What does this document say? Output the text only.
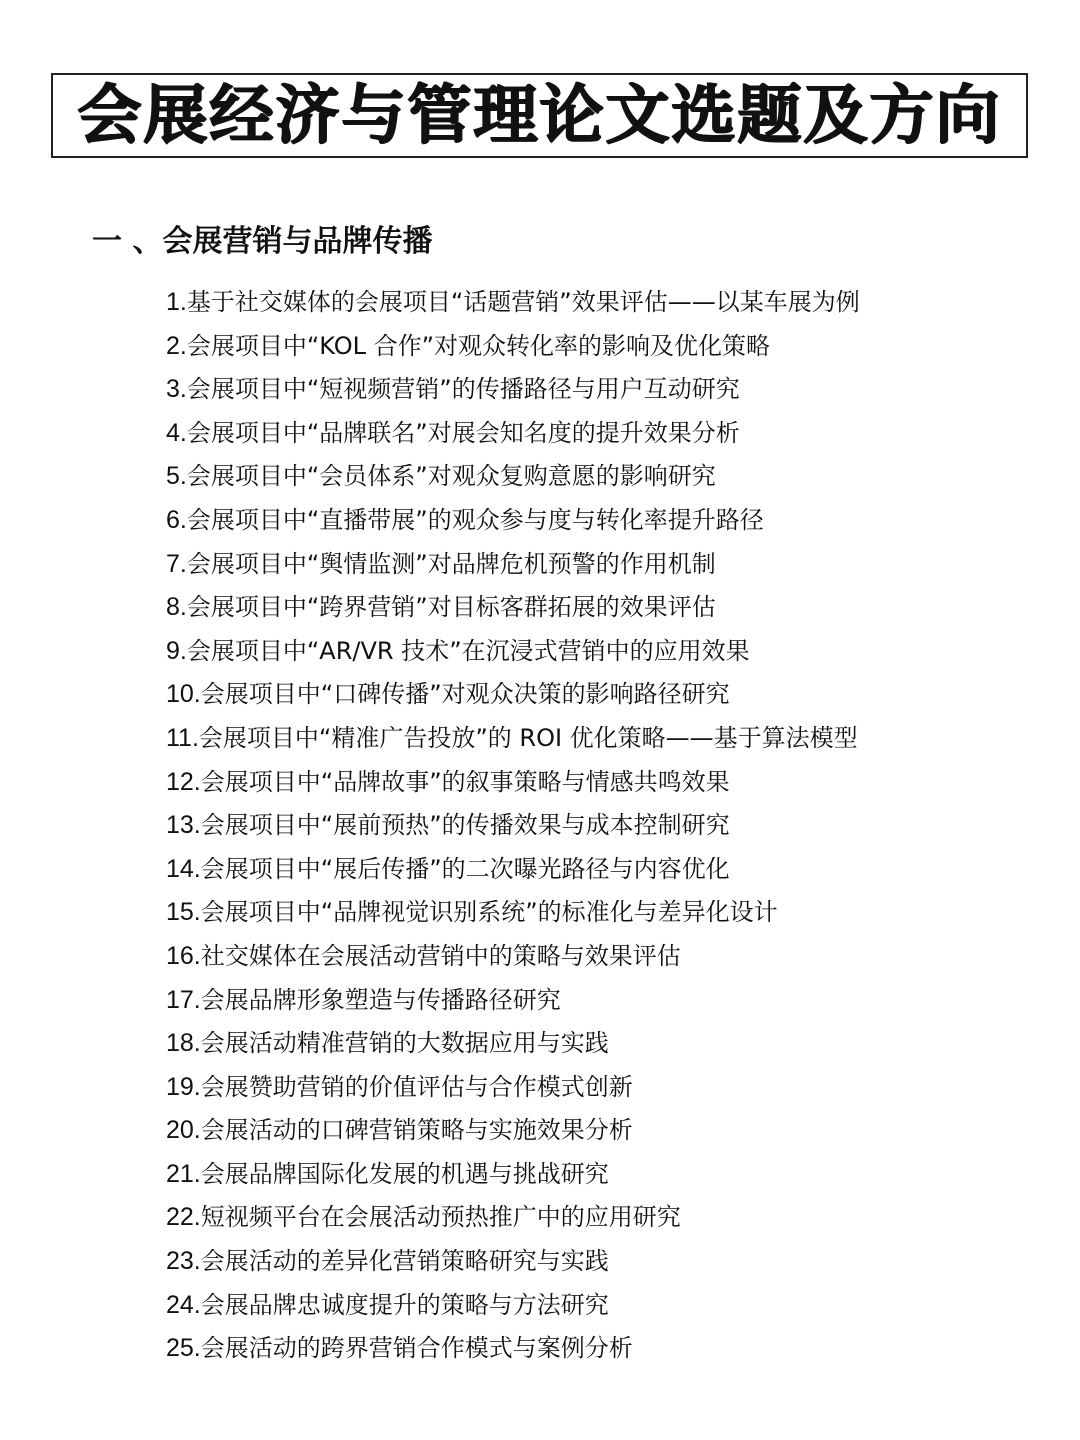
会展经济与管理论文选题及方向
一 、会展营销与品牌传播
1.基于社交媒体的会展项目“话题营销”效果评估——以某车展为例
2.会展项目中“KOL 合作”对观众转化率的影响及优化策略
3.会展项目中“短视频营销”的传播路径与用户互动研究
4.会展项目中“品牌联名”对展会知名度的提升效果分析
5.会展项目中“会员体系”对观众复购意愿的影响研究
6.会展项目中“直播带展”的观众参与度与转化率提升路径
7.会展项目中“舆情监测”对品牌危机预警的作用机制
8.会展项目中“跨界营销”对目标客群拓展的效果评估
9.会展项目中“AR/VR 技术”在沉浸式营销中的应用效果
10.会展项目中“口碑传播”对观众决策的影响路径研究
11.会展项目中“精准广告投放”的 ROI 优化策略——基于算法模型
12.会展项目中“品牌故事”的叙事策略与情感共鸣效果
13.会展项目中“展前预热”的传播效果与成本控制研究
14.会展项目中“展后传播”的二次曝光路径与内容优化
15.会展项目中“品牌视觉识别系统”的标准化与差异化设计
16.社交媒体在会展活动营销中的策略与效果评估
17.会展品牌形象塑造与传播路径研究
18.会展活动精准营销的大数据应用与实践
19.会展赞助营销的价值评估与合作模式创新
20.会展活动的口碑营销策略与实施效果分析
21.会展品牌国际化发展的机遇与挑战研究
22.短视频平台在会展活动预热推广中的应用研究
23.会展活动的差异化营销策略研究与实践
24.会展品牌忠诚度提升的策略与方法研究
25.会展活动的跨界营销合作模式与案例分析
